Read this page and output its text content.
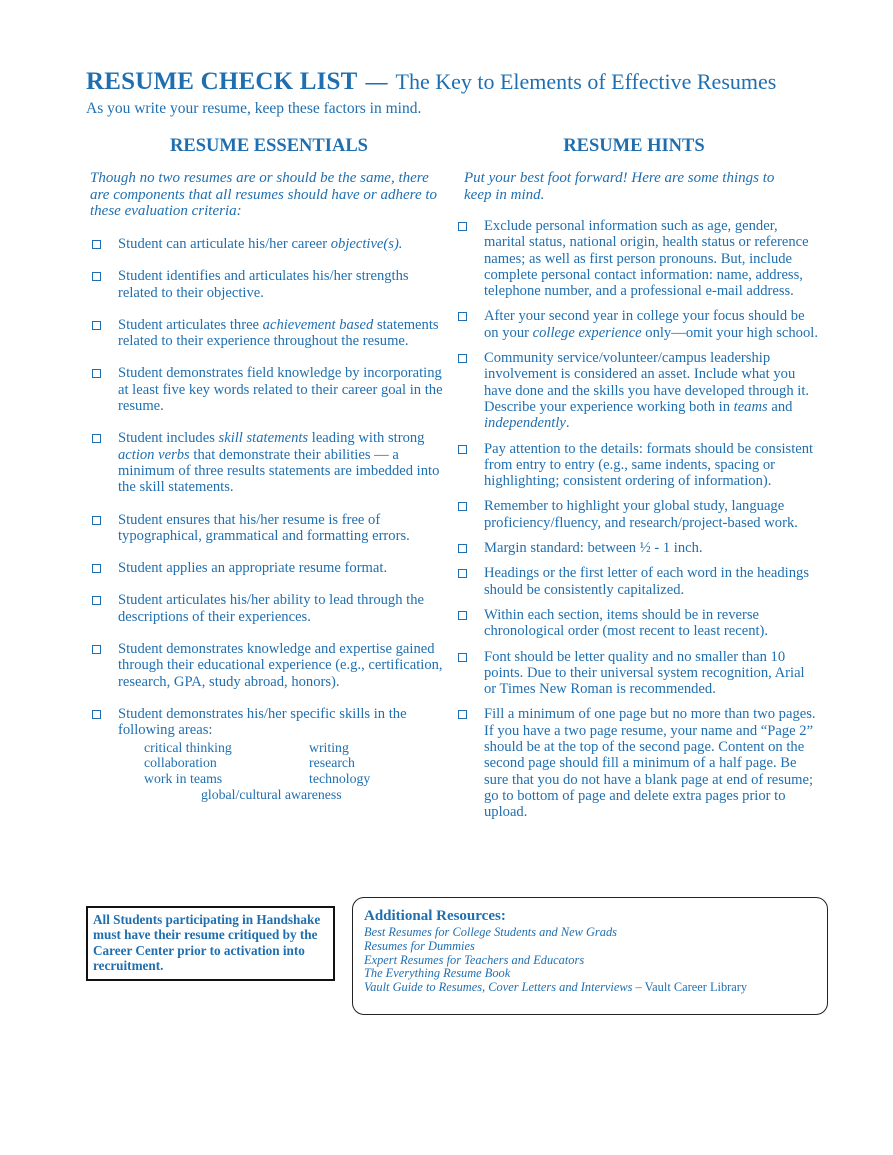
RESUME CHECK LIST — The Key to Elements of Effective Resumes
As you write your resume, keep these factors in mind.
RESUME ESSENTIALS
Though no two resumes are or should be the same, there are components that all resumes should have or adhere to these evaluation criteria:
Student can articulate his/her career objective(s).
Student identifies and articulates his/her strengths related to their objective.
Student articulates three achievement based statements related to their experience throughout the resume.
Student demonstrates field knowledge by incorporating at least five key words related to their career goal in the resume.
Student includes skill statements leading with strong action verbs that demonstrate their abilities — a minimum of three results statements are imbedded into the skill statements.
Student ensures that his/her resume is free of typographical, grammatical and formatting errors.
Student applies an appropriate resume format.
Student articulates his/her ability to lead through the descriptions of their experiences.
Student demonstrates knowledge and expertise gained through their educational experience (e.g., certification, research, GPA, study abroad, honors).
Student demonstrates his/her specific skills in the following areas:
critical thinking	writing
collaboration	research
work in teams	technology
global/cultural awareness
RESUME HINTS
Put your best foot forward! Here are some things to keep in mind.
Exclude personal information such as age, gender, marital status, national origin, health status or reference names; as well as first person pronouns. But, include complete personal contact information: name, address, telephone number, and a professional e-mail address.
After your second year in college your focus should be on your college experience only—omit your high school.
Community service/volunteer/campus leadership involvement is considered an asset. Include what you have done and the skills you have developed through it. Describe your experience working both in teams and independently.
Pay attention to the details: formats should be consistent from entry to entry (e.g., same indents, spacing or highlighting; consistent ordering of information).
Remember to highlight your global study, language proficiency/fluency, and research/project-based work.
Margin standard: between ½ - 1 inch.
Headings or the first letter of each word in the headings should be consistently capitalized.
Within each section, items should be in reverse chronological order (most recent to least recent).
Font should be letter quality and no smaller than 10 points. Due to their universal system recognition, Arial or Times New Roman is recommended.
Fill a minimum of one page but no more than two pages. If you have a two page resume, your name and “Page 2” should be at the top of the second page. Content on the second page should fill a minimum of a half page. Be sure that you do not have a blank page at end of resume; go to bottom of page and delete extra pages prior to upload.
All Students participating in Handshake must have their resume critiqued by the Career Center prior to activation into recruitment.
Additional Resources:
Best Resumes for College Students and New Grads
Resumes for Dummies
Expert Resumes for Teachers and Educators
The Everything Resume Book
Vault Guide to Resumes, Cover Letters and Interviews – Vault Career Library
